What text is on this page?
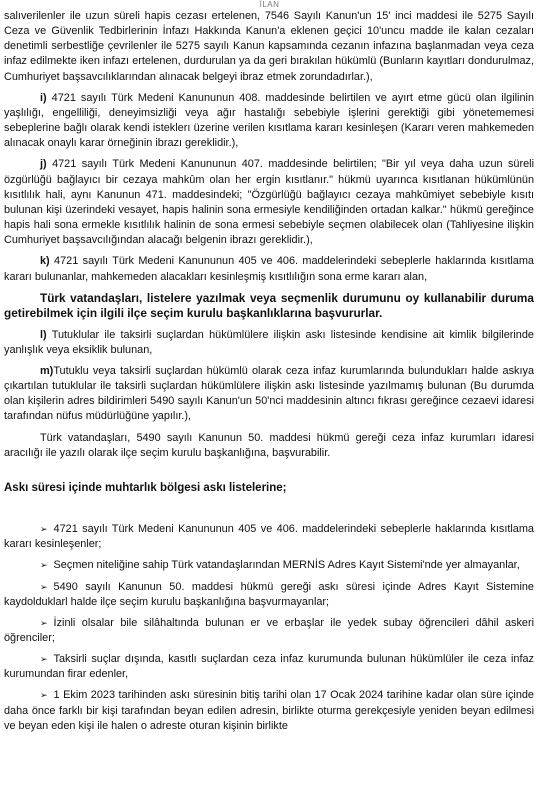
İLAN

salıverilenler ile uzun süreli hapis cezası ertelenen, 7546 Sayılı Kanun'un 15' inci maddesi ile 5275 Sayılı Ceza ve Güvenlik Tedbirlerinin İnfazı Hakkında Kanun'a eklenen geçici 10'uncu madde ile kalan cezaları denetimli serbestliğe çevrilenler ile 5275 sayılı Kanun kapsamında cezanın infazına başlanmadan veya ceza infaz edilmekte iken infazı ertelenen, durdurulan ya da geri bırakılan hükümlü (Bunların kayıtları dondurulmaz, Cumhuriyet başsavcılıklarından alınacak belgeyi ibraz etmek zorundadırlar.),

i) 4721 sayılı Türk Medeni Kanununun 408. maddesinde belirtilen ve ayırt etme gücü olan ilgilinin yaşlılığı, engelliliği, deneyimsizliği veya ağır hastalığı sebebiyle işlerini gerektiği gibi yönetememesi sebeplerine bağlı olarak kendi isteklerı üzerine verilen kısıtlama kararı kesinleşen (Kararı veren mahkemeden alınacak onaylı karar örneğinin ibrazı gereklidir.),

j) 4721 sayılı Türk Medeni Kanununun 407. maddesinde belirtilen; "Bir yıl veya daha uzun süreli özgürlüğü bağlayıcı bir cezaya mahkûm olan her ergin kısıtlanır." hükmü uyarınca kısıtlanan hükümlünün kısıtlılık hali, aynı Kanunun 471. maddesindeki; "Özgürlüğü bağlayıcı cezaya mahkûmiyet sebebiyle kısıtı bulunan kişi üzerindeki vesayet, hapis halinin sona ermesiyle kendiliğinden ortadan kalkar." hükmü gereğince hapis hali sona ermekle kısıtlılık halinin de sona ermesi sebebiyle seçmen olabilecek olan (Tahliyesine ilişkin Cumhuriyet başsavcılığından alacağı belgenin ibrazı gereklidir.),

k) 4721 sayılı Türk Medeni Kanununun 405 ve 406. maddelerindeki sebeplerle haklarında kısıtlama kararı bulunanlar, mahkemeden alacakları kesinleşmiş kısıtlılığın sona erme kararı alan,

Türk vatandaşları, listelere yazılmak veya seçmenlik durumunu oy kullanabilir duruma getirebilmek için ilgili ilçe seçim kurulu başkanlıklarına başvururlar.

l) Tutuklular ile taksirli suçlardan hükümlülere ilişkin askı listesinde kendisine ait kimlik bilgilerinde yanlışlık veya eksiklik bulunan,

m)Tutuklu veya taksirli suçlardan hükümlü olarak ceza infaz kurumlarında bulundukları halde askıya çıkartılan tutuklular ile taksirli suçlardan hükümlülere ilişkin askı listesinde yazılmamış bulunan (Bu durumda olan kişilerin adres bildirimleri 5490 sayılı Kanun'un 50'nci maddesinin altıncı fıkrası gereğince cezaevi idaresi tarafından nüfus müdürlüğüne yapılır.),

Türk vatandaşları, 5490 sayılı Kanunun 50. maddesi hükmü gereği ceza infaz kurumları idaresi aracılığı ile yazılı olarak ilçe seçim kurulu başkanlığına, başvurabilir.

Askı süresi içinde muhtarlık bölgesi askı listelerine;

➢ 4721 sayılı Türk Medeni Kanununun 405 ve 406. maddelerindeki sebeplerle haklarında kısıtlama kararı kesinleşenler;

➢ Seçmen niteliğine sahip Türk vatandaşlarından MERNİS Adres Kayıt Sistemi'nde yer almayanlar,

➢ 5490 sayılı Kanunun 50. maddesi hükmü gereği askı süresi içinde Adres Kayıt Sistemine kaydolduklarl halde ilçe seçim kurulu başkanlığına başvurmayanlar;

➢ İzinli olsalar bile silâhaltında bulunan er ve erbaşlar ile yedek subay öğrencileri dâhil askeri öğrenciler;

➢ Taksirli suçlar dışında, kasıtlı suçlardan ceza infaz kurumunda bulunan hükümlüler ile ceza infaz kurumundan firar edenler,

➢ 1 Ekim 2023 tarihinden askı süresinin bitiş tarihi olan 17 Ocak 2024 tarihine kadar olan süre içinde daha önce farklı bir kişi tarafından beyan edilen adresin, birlikte oturma gerekçesiyle yeniden beyan edilmesi ve beyan eden kişi ile halen o adreste oturan kişinin birlikte
